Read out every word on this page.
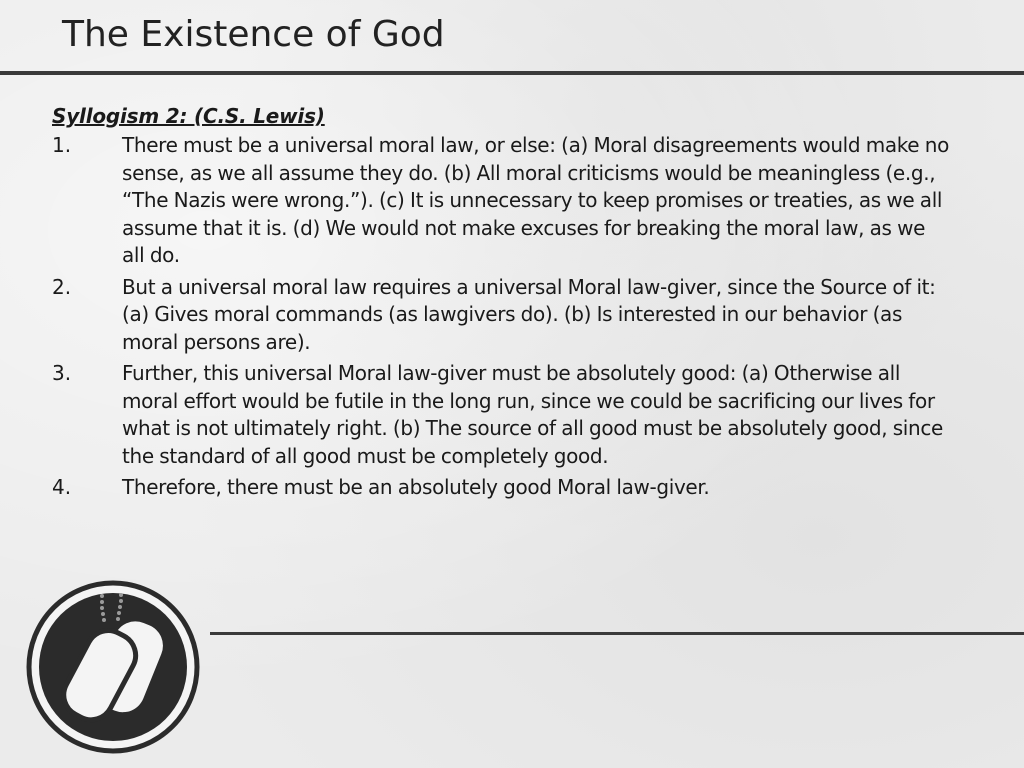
The Existence of God
Syllogism 2: (C.S. Lewis)
1.	There must be a universal moral law, or else: (a) Moral disagreements would make no sense, as we all assume they do. (b) All moral criticisms would be meaningless (e.g., “The Nazis were wrong.”). (c) It is unnecessary to keep promises or treaties, as we all assume that it is. (d) We would not make excuses for breaking the moral law, as we all do.
2.	But a universal moral law requires a universal Moral law-giver, since the Source of it: (a) Gives moral commands (as lawgivers do). (b) Is interested in our behavior (as moral persons are).
3.	Further, this universal Moral law-giver must be absolutely good: (a) Otherwise all moral effort would be futile in the long run, since we could be sacrificing our lives for what is not ultimately right. (b) The source of all good must be absolutely good, since the standard of all good must be completely good.
4.	Therefore, there must be an absolutely good Moral law-giver.
